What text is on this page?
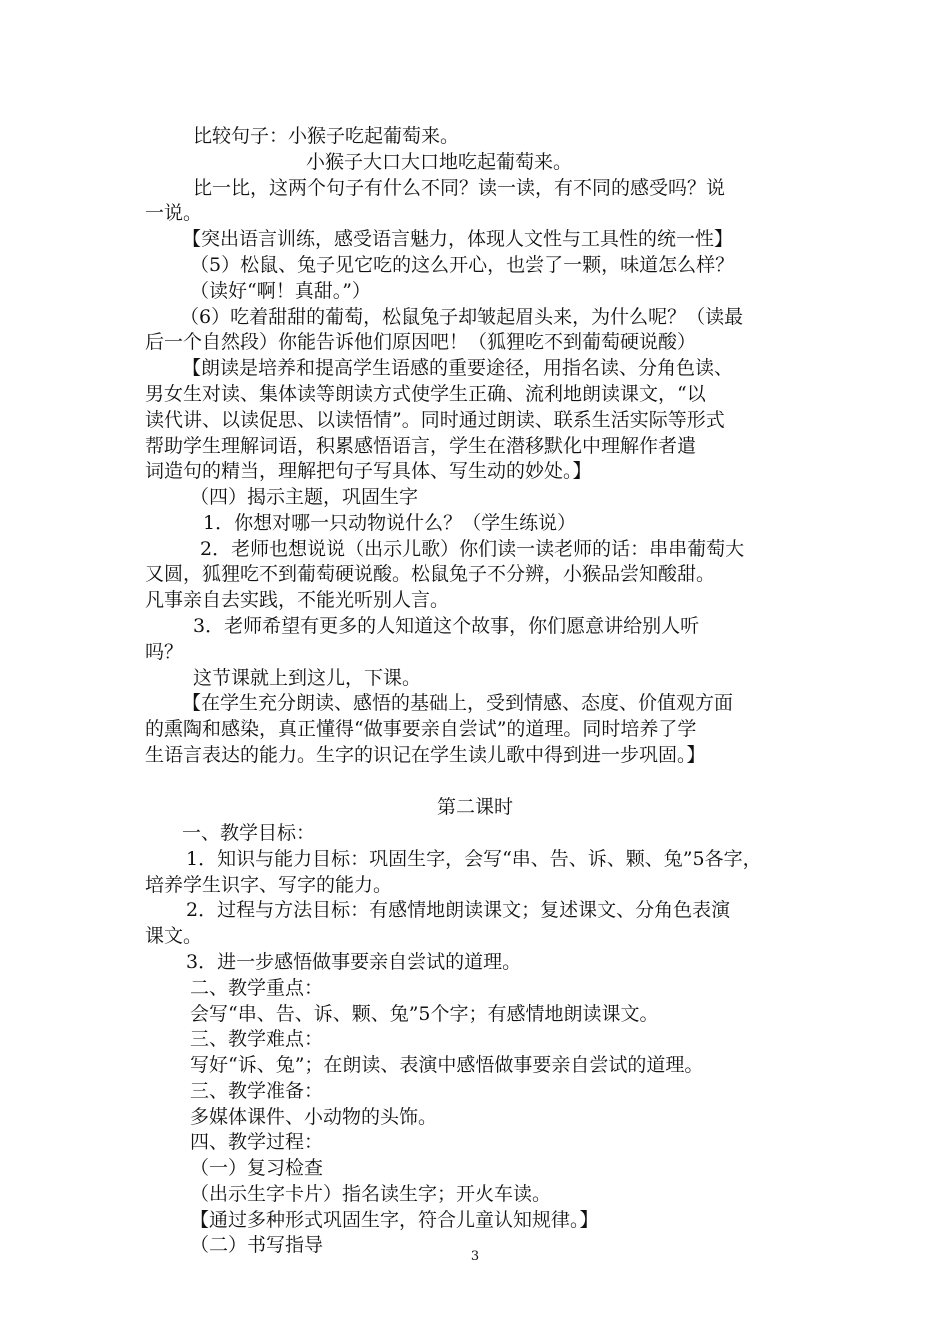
比较句子：小猴子吃起葡萄来。
小猴子大口大口地吃起葡萄来。
比一比，这两个句子有什么不同？读一读，有不同的感受吗？说
一说。
【突出语言训练，感受语言魅力，体现人文性与工具性的统一性】
（5）松鼠、兔子见它吃的这么开心，也尝了一颗，味道怎么样？
（读好“啊！真甜。”）
（6）吃着甜甜的葡萄，松鼠兔子却皱起眉头来，为什么呢？（读最
后一个自然段）你能告诉他们原因吧！（狐狸吃不到葡萄硬说酸）
【朗读是培养和提高学生语感的重要途径，用指名读、分角色读、
男女生对读、集体读等朗读方式使学生正确、流利地朗读课文，“以
读代讲、以读促思、以读悟情”。同时通过朗读、联系生活实际等形式
帮助学生理解词语，积累感悟语言，学生在潜移默化中理解作者遣
词造句的精当，理解把句子写具体、写生动的妙处。】
（四）揭示主题，巩固生字
1．你想对哪一只动物说什么？（学生练说）
2．老师也想说说（出示儿歌）你们读一读老师的话：串串葡萄大
又圆，狐狸吃不到葡萄硬说酸。松鼠兔子不分辨，小猴品尝知酸甜。
凡事亲自去实践，不能光听别人言。
3．老师希望有更多的人知道这个故事，你们愿意讲给别人听
吗？
这节课就上到这儿，下课。
【在学生充分朗读、感悟的基础上，受到情感、态度、价值观方面
的熏陶和感染，真正懂得“做事要亲自尝试”的道理。同时培养了学
生语言表达的能力。生字的识记在学生读儿歌中得到进一步巩固。】
第二课时
一、教学目标：
1．知识与能力目标：巩固生字，会写“串、告、诉、颗、兔”5各字，
培养学生识字、写字的能力。
2．过程与方法目标：有感情地朗读课文；复述课文、分角色表演
课文。
3．进一步感悟做事要亲自尝试的道理。
二、教学重点：
会写“串、告、诉、颗、兔”5个字；有感情地朗读课文。
三、教学难点：
写好“诉、兔”；在朗读、表演中感悟做事要亲自尝试的道理。
三、教学准备：
多媒体课件、小动物的头饰。
四、教学过程：
（一）复习检查
（出示生字卡片）指名读生字；开火车读。
【通过多种形式巩固生字，符合儿童认知规律。】
（二）书写指导
3
